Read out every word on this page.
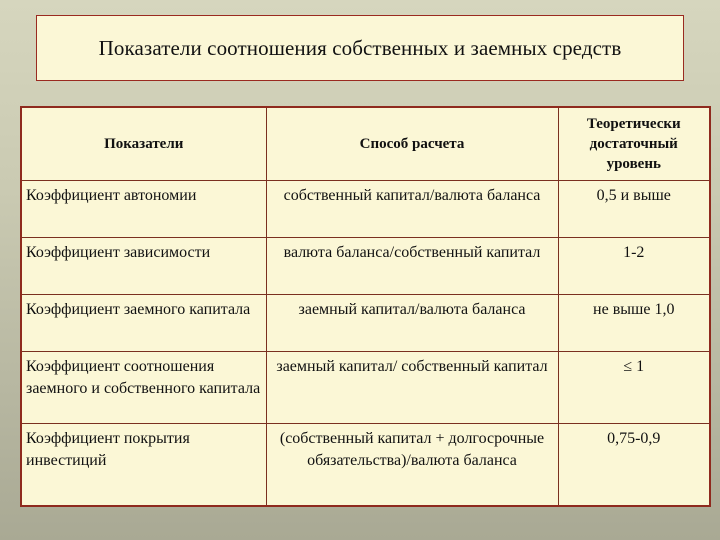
Показатели соотношения собственных и заемных средств
Показатели	Способ расчета	Теоретически достаточный уровень
Коэффициент автономии	собственный капитал/валюта баланса	0,5 и выше
Коэффициент зависимости	валюта баланса/собственный капитал	1-2
Коэффициент заемного капитала	заемный капитал/валюта баланса	не выше 1,0
Коэффициент соотношения заемного и собственного капитала	заемный капитал/ собственный капитал	≤ 1
Коэффициент покрытия инвестиций	(собственный капитал + долгосрочные обязательства)/валюта баланса	0,75-0,9
